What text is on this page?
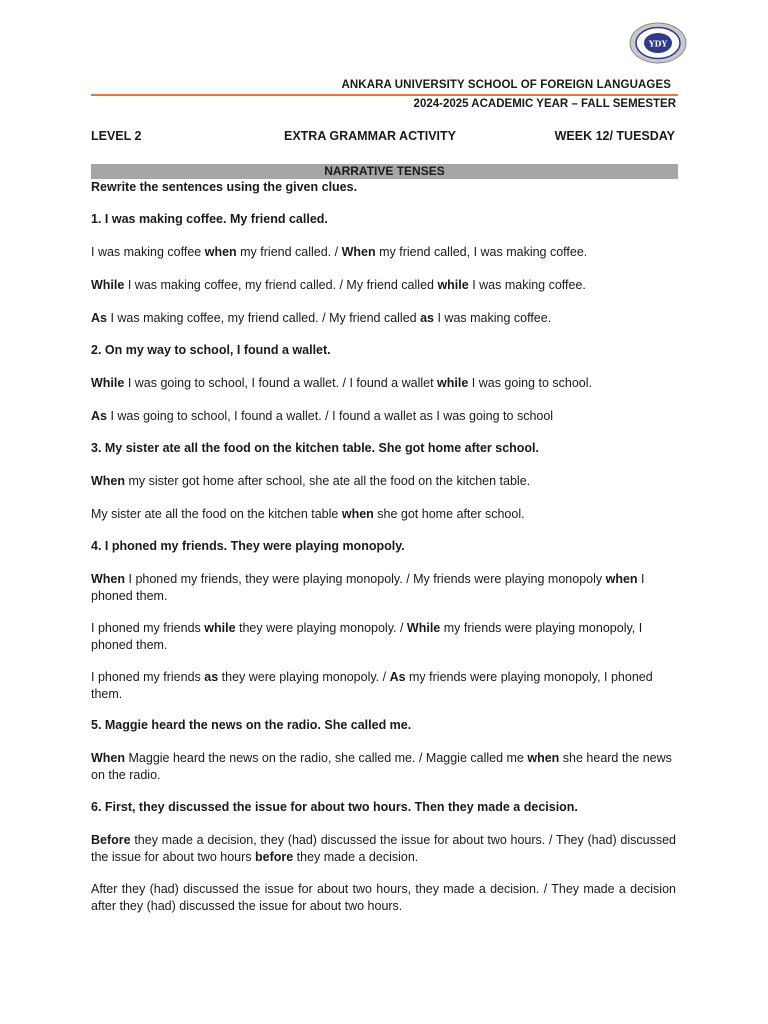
YDY
ANKARA UNIVERSITY SCHOOL OF FOREIGN LANGUAGES
2024-2025 ACADEMIC YEAR – FALL SEMESTER
LEVEL 2	EXTRA GRAMMAR ACTIVITY	WEEK 12/ TUESDAY
NARRATIVE TENSES
Rewrite the sentences using the given clues.
1. I was making coffee. My friend called.
I was making coffee when my friend called. / When my friend called, I was making coffee.
While I was making coffee, my friend called. / My friend called while I was making coffee.
As I was making coffee, my friend called. / My friend called as I was making coffee.
2. On my way to school, I found a wallet.
While I was going to school, I found a wallet. / I found a wallet while I was going to school.
As I was going to school, I found a wallet. / I found a wallet as I was going to school
3. My sister ate all the food on the kitchen table. She got home after school.
When my sister got home after school, she ate all the food on the kitchen table.
My sister ate all the food on the kitchen table when she got home after school.
4. I phoned my friends. They were playing monopoly.
When I phoned my friends, they were playing monopoly. / My friends were playing monopoly when I phoned them.
I phoned my friends while they were playing monopoly. / While my friends were playing monopoly, I phoned them.
I phoned my friends as they were playing monopoly. / As my friends were playing monopoly, I phoned them.
5. Maggie heard the news on the radio. She called me.
When Maggie heard the news on the radio, she called me. / Maggie called me when she heard the news on the radio.
6. First, they discussed the issue for about two hours. Then they made a decision.
Before they made a decision, they (had) discussed the issue for about two hours. / They (had) discussed the issue for about two hours before they made a decision.
After they (had) discussed the issue for about two hours, they made a decision. / They made a decision after they (had) discussed the issue for about two hours.
